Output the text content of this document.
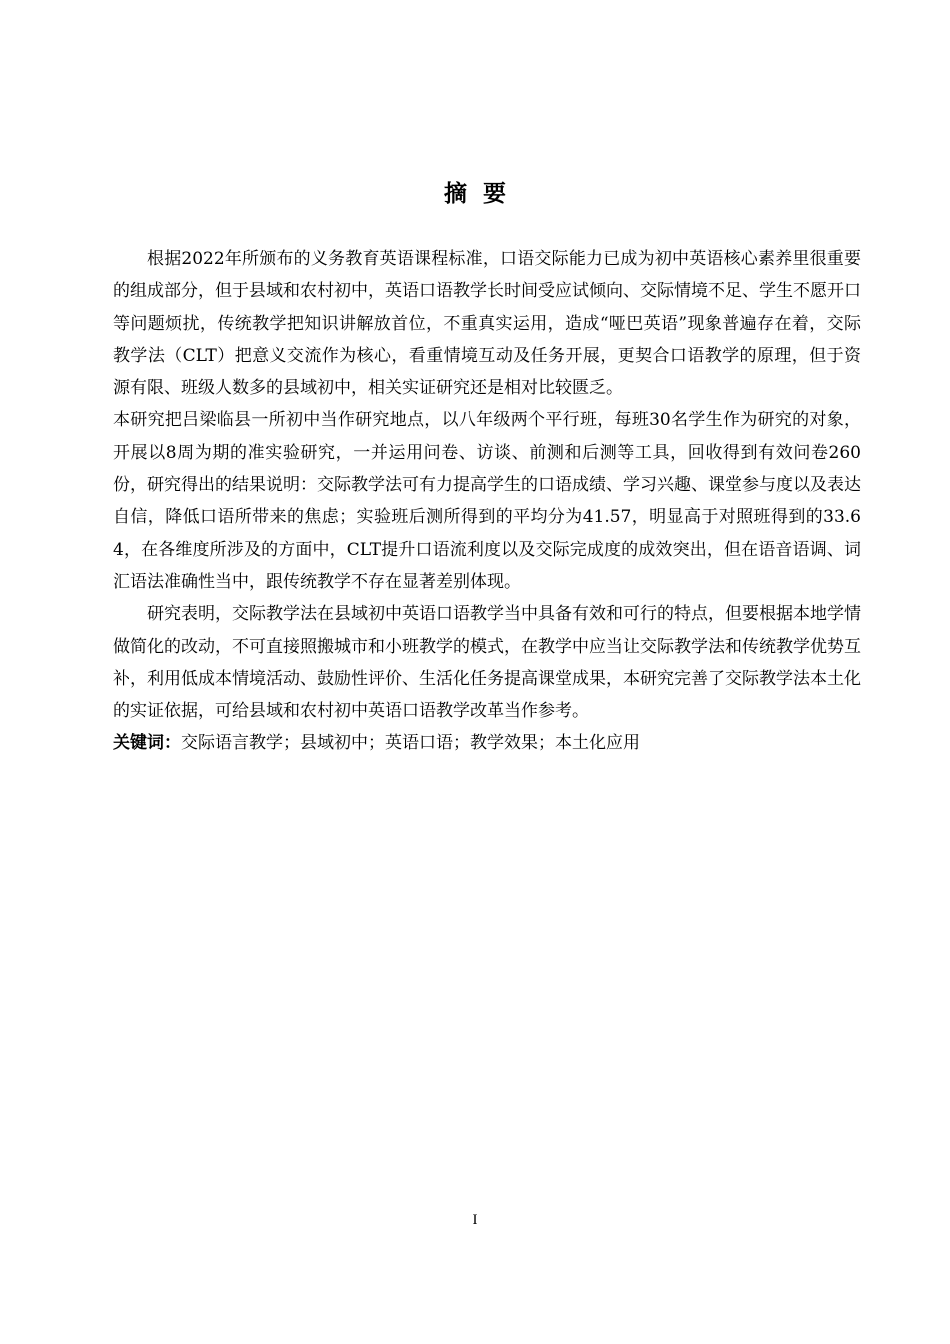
摘  要

根据2022年所颁布的义务教育英语课程标准，口语交际能力已成为初中英语核心素养里很重要的组成部分，但于县域和农村初中，英语口语教学长时间受应试倾向、交际情境不足、学生不愿开口等问题烦扰，传统教学把知识讲解放首位，不重真实运用，造成“哑巴英语”现象普遍存在着，交际教学法（CLT）把意义交流作为核心，看重情境互动及任务开展，更契合口语教学的原理，但于资源有限、班级人数多的县域初中，相关实证研究还是相对比较匮乏。

本研究把吕梁临县一所初中当作研究地点，以八年级两个平行班，每班30名学生作为研究的对象，开展以8周为期的准实验研究，一并运用问卷、访谈、前测和后测等工具，回收得到有效问卷260份，研究得出的结果说明：交际教学法可有力提高学生的口语成绩、学习兴趣、课堂参与度以及表达自信，降低口语所带来的焦虑；实验班后测所得到的平均分为41.57，明显高于对照班得到的33.64，在各维度所涉及的方面中，CLT提升口语流利度以及交际完成度的成效突出，但在语音语调、词汇语法准确性当中，跟传统教学不存在显著差别体现。

研究表明，交际教学法在县域初中英语口语教学当中具备有效和可行的特点，但要根据本地学情做简化的改动，不可直接照搬城市和小班教学的模式，在教学中应当让交际教学法和传统教学优势互补，利用低成本情境活动、鼓励性评价、生活化任务提高课堂成果，本研究完善了交际教学法本土化的实证依据，可给县域和农村初中英语口语教学改革当作参考。

关键词：交际语言教学；县域初中；英语口语；教学效果；本土化应用

I
